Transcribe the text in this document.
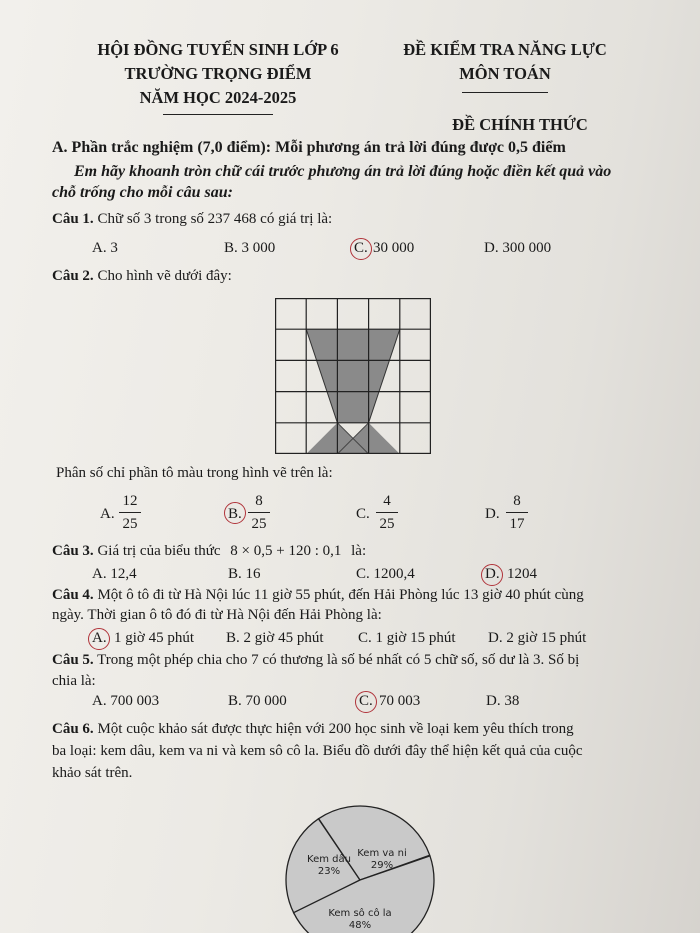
HỘI ĐỒNG TUYỂN SINH LỚP 6
TRƯỜNG TRỌNG ĐIỂM
NĂM HỌC 2024-2025
ĐỀ KIỂM TRA NĂNG LỰC
MÔN TOÁN
ĐỀ CHÍNH THỨC
A. Phần trắc nghiệm (7,0 điểm): Mỗi phương án trả lời đúng được 0,5 điểm
Em hãy khoanh tròn chữ cái trước phương án trả lời đúng hoặc điền kết quả vào
chỗ trống cho mỗi câu sau:
Câu 1. Chữ số 3 trong số 237 468 có giá trị là:
A. 3	B. 3 000	C. 30 000	D. 300 000
Câu 2. Cho hình vẽ dưới đây:
Phân số chỉ phần tô màu trong hình vẽ trên là:
A.
12
25
B.
8
25
C.
4
25
D.
8
17
Câu 3. Giá trị của biểu thức 8 × 0,5 + 120 : 0,1 là:
A. 12,4	B. 16	C. 1200,4	D. 1204
Câu 4. Một ô tô đi từ Hà Nội lúc 11 giờ 55 phút, đến Hải Phòng lúc 13 giờ 40 phút cùng
ngày. Thời gian ô tô đó đi từ Hà Nội đến Hải Phòng là:
A. 1 giờ 45 phút B. 2 giờ 45 phút C. 1 giờ 15 phút D. 2 giờ 15 phút
Câu 5. Trong một phép chia cho 7 có thương là số bé nhất có 5 chữ số, số dư là 3. Số bị
chia là:
A. 700 003	B. 70 000	C. 70 003	D. 38
Câu 6. Một cuộc khảo sát được thực hiện với 200 học sinh về loại kem yêu thích trong
ba loại: kem dâu, kem va ni và kem sô cô la. Biểu đồ dưới đây thể hiện kết quả của cuộc
khảo sát trên.
Kem dâu
23%
Kem va ni
29%
Kem sô cô la
48%
